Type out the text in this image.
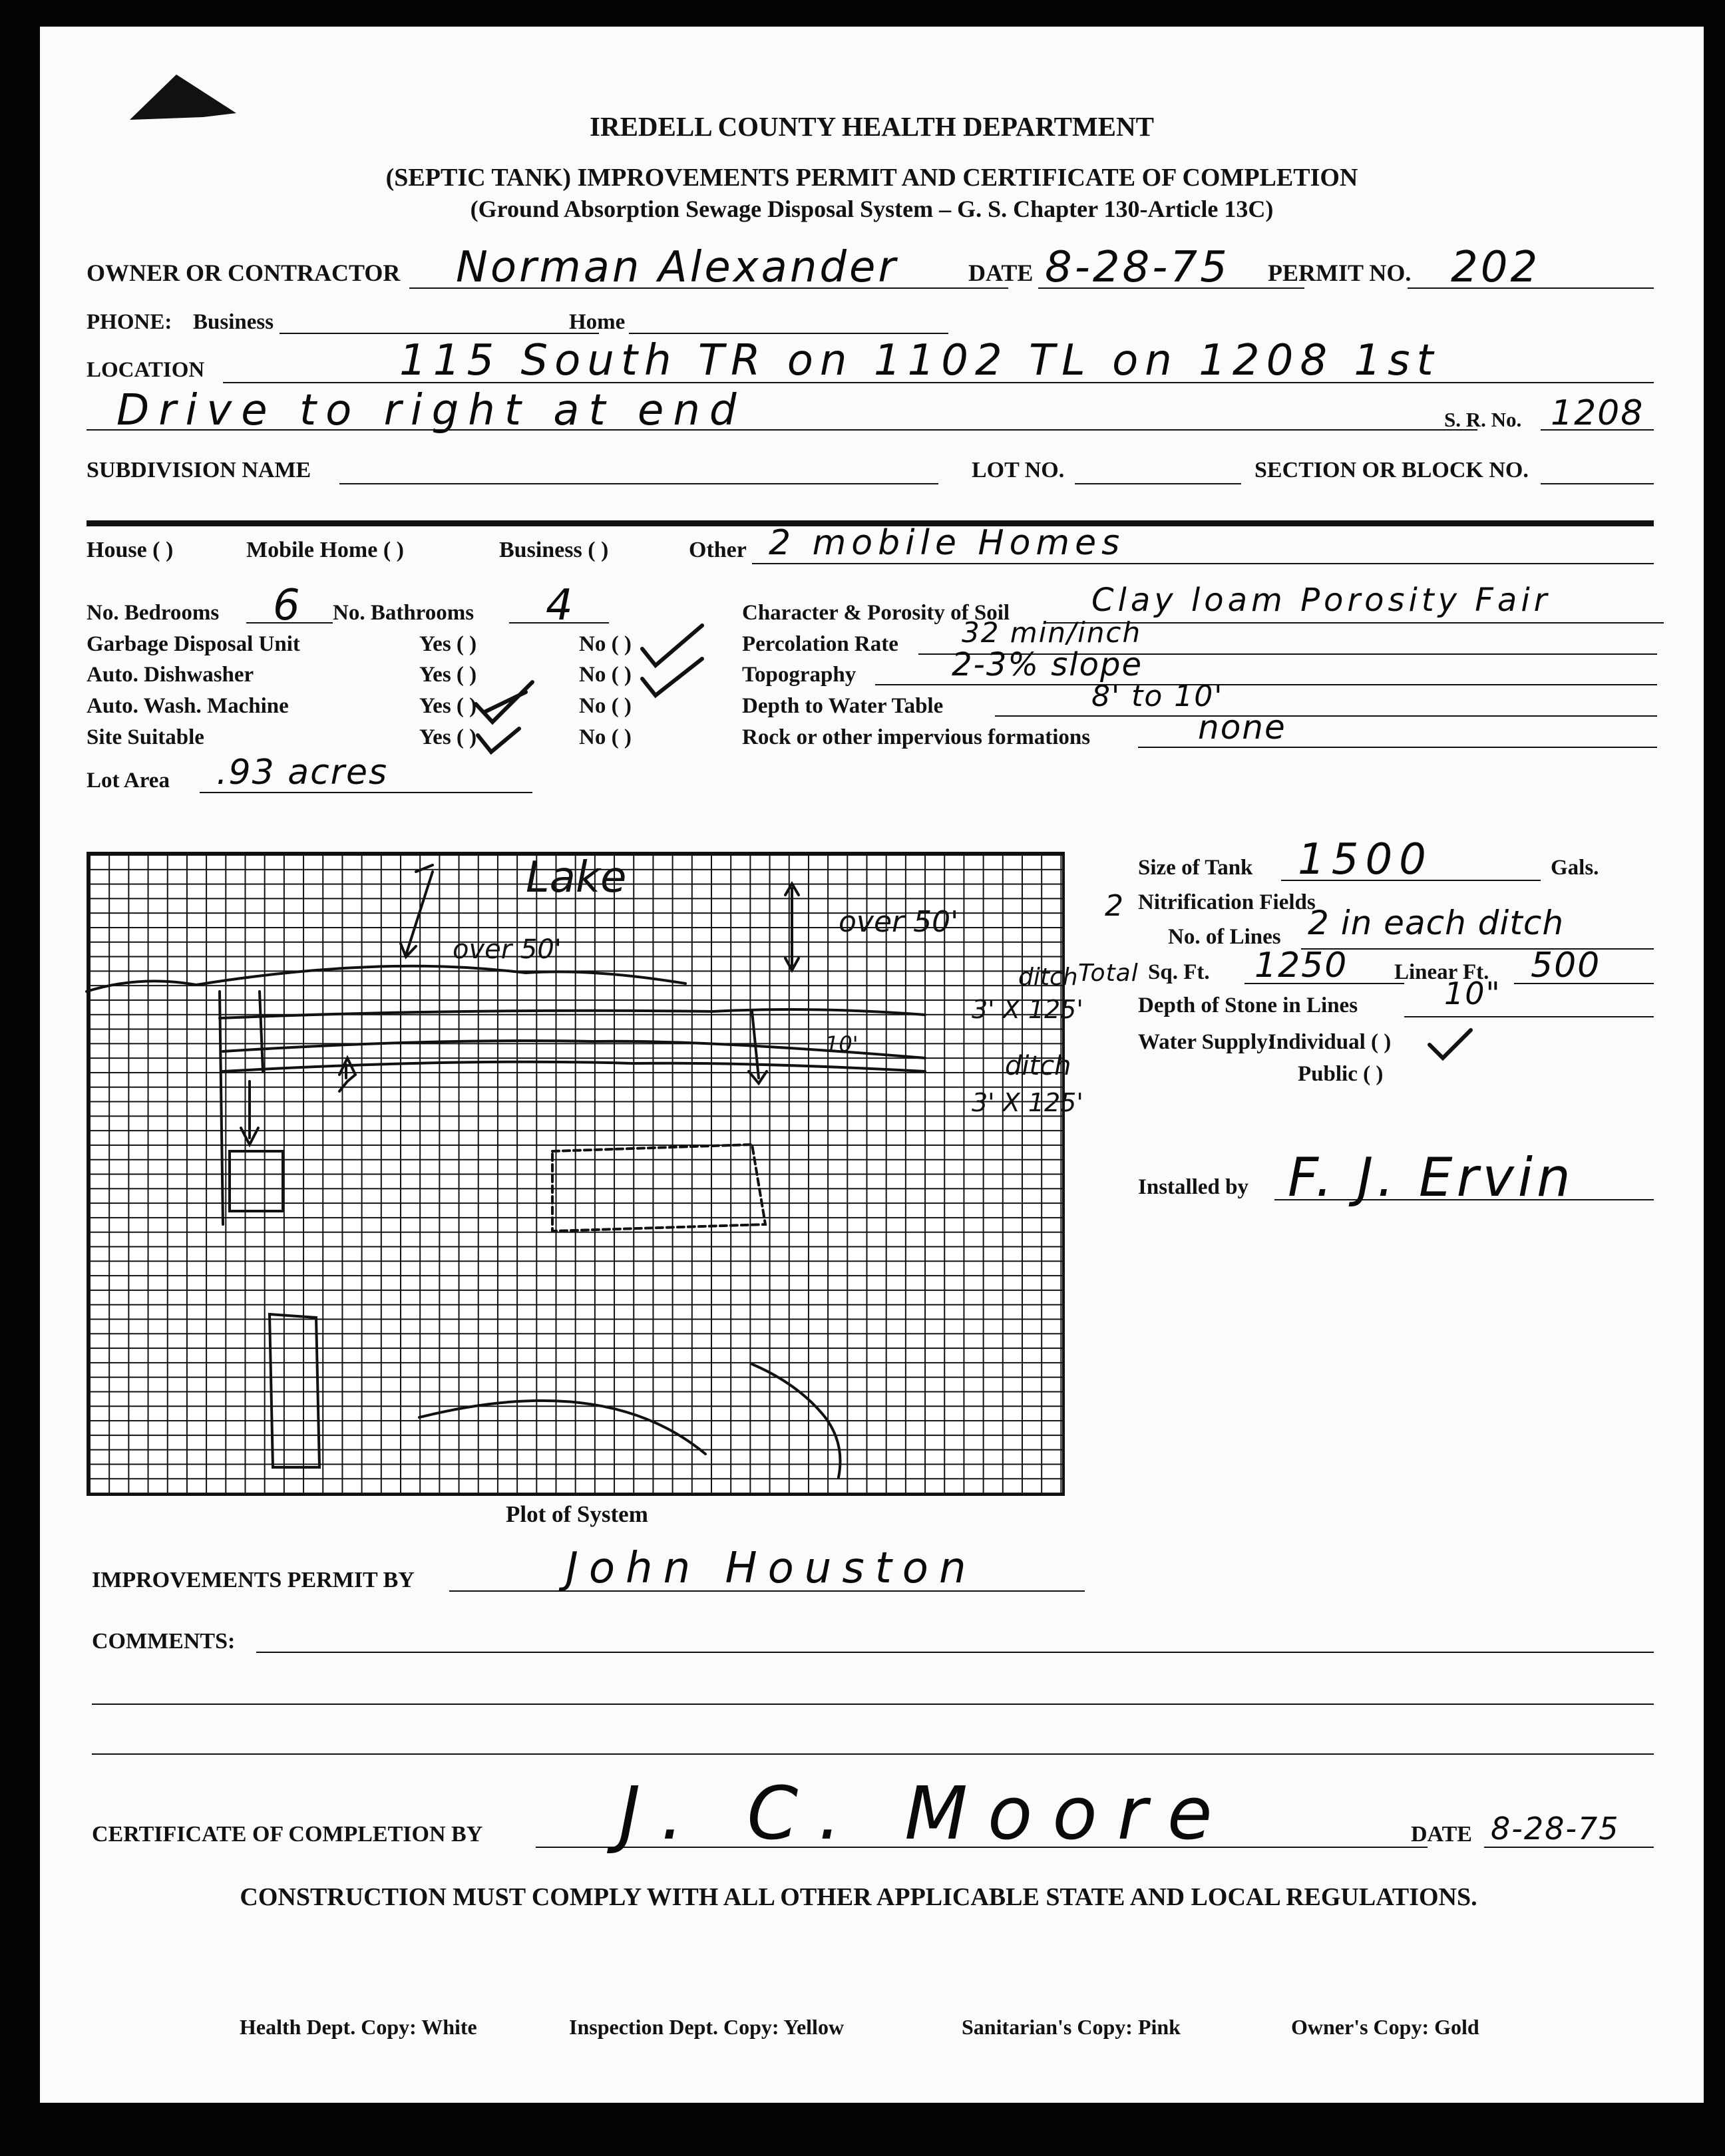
IREDELL COUNTY HEALTH DEPARTMENT
(SEPTIC TANK) IMPROVEMENTS PERMIT AND CERTIFICATE OF COMPLETION
(Ground Absorption Sewage Disposal System – G. S. Chapter 130-Article 13C)
OWNER OR CONTRACTOR Norman Alexander	DATE 8-28-75 PERMIT NO. 202
PHONE: Business	Home
LOCATION	115 South TR on 1102 TL on 1208 1st
Drive to right at end	S. R. No. 1208
SUBDIVISION NAME	LOT NO.	SECTION OR BLOCK NO.
House ( )	Mobile Home ( )	Business ( )	Other 2 mobile Homes
No. Bedrooms 6 No. Bathrooms 4
Garbage Disposal Unit	Yes ( )	No ( )
Auto. Dishwasher	Yes ( )	No ( )
Auto. Wash. Machine	Yes ( )	No ( )
Site Suitable	Yes ( )	No ( )
Lot Area .93 acres
Character & Porosity of Soil	Clay loam Porosity Fair
Percolation Rate 32 min/inch
Topography	2-3% slope
Depth to Water Table	8' to 10'
Rock or other impervious formations	none
Lake
over 50'
over 50'
ditch
3' X 125'
ditch
3' X 125'
10'
Plot of System
Size of Tank 1500	Gals.
2 Nitrification Fields
No. of Lines 2 in each ditch
Total Sq. Ft. 1250 Linear Ft. 500
Depth of Stone in Lines	10"
Water Supply:
Individual ( )
Public ( )
Installed by F. J. Ervin
IMPROVEMENTS PERMIT BY	John Houston
COMMENTS:
CERTIFICATE OF COMPLETION BY J. C. Moore	DATE 8-28-75
CONSTRUCTION MUST COMPLY WITH ALL OTHER APPLICABLE STATE AND LOCAL REGULATIONS.
Health Dept. Copy: White	Inspection Dept. Copy: Yellow	Sanitarian's Copy: Pink	Owner's Copy: Gold
